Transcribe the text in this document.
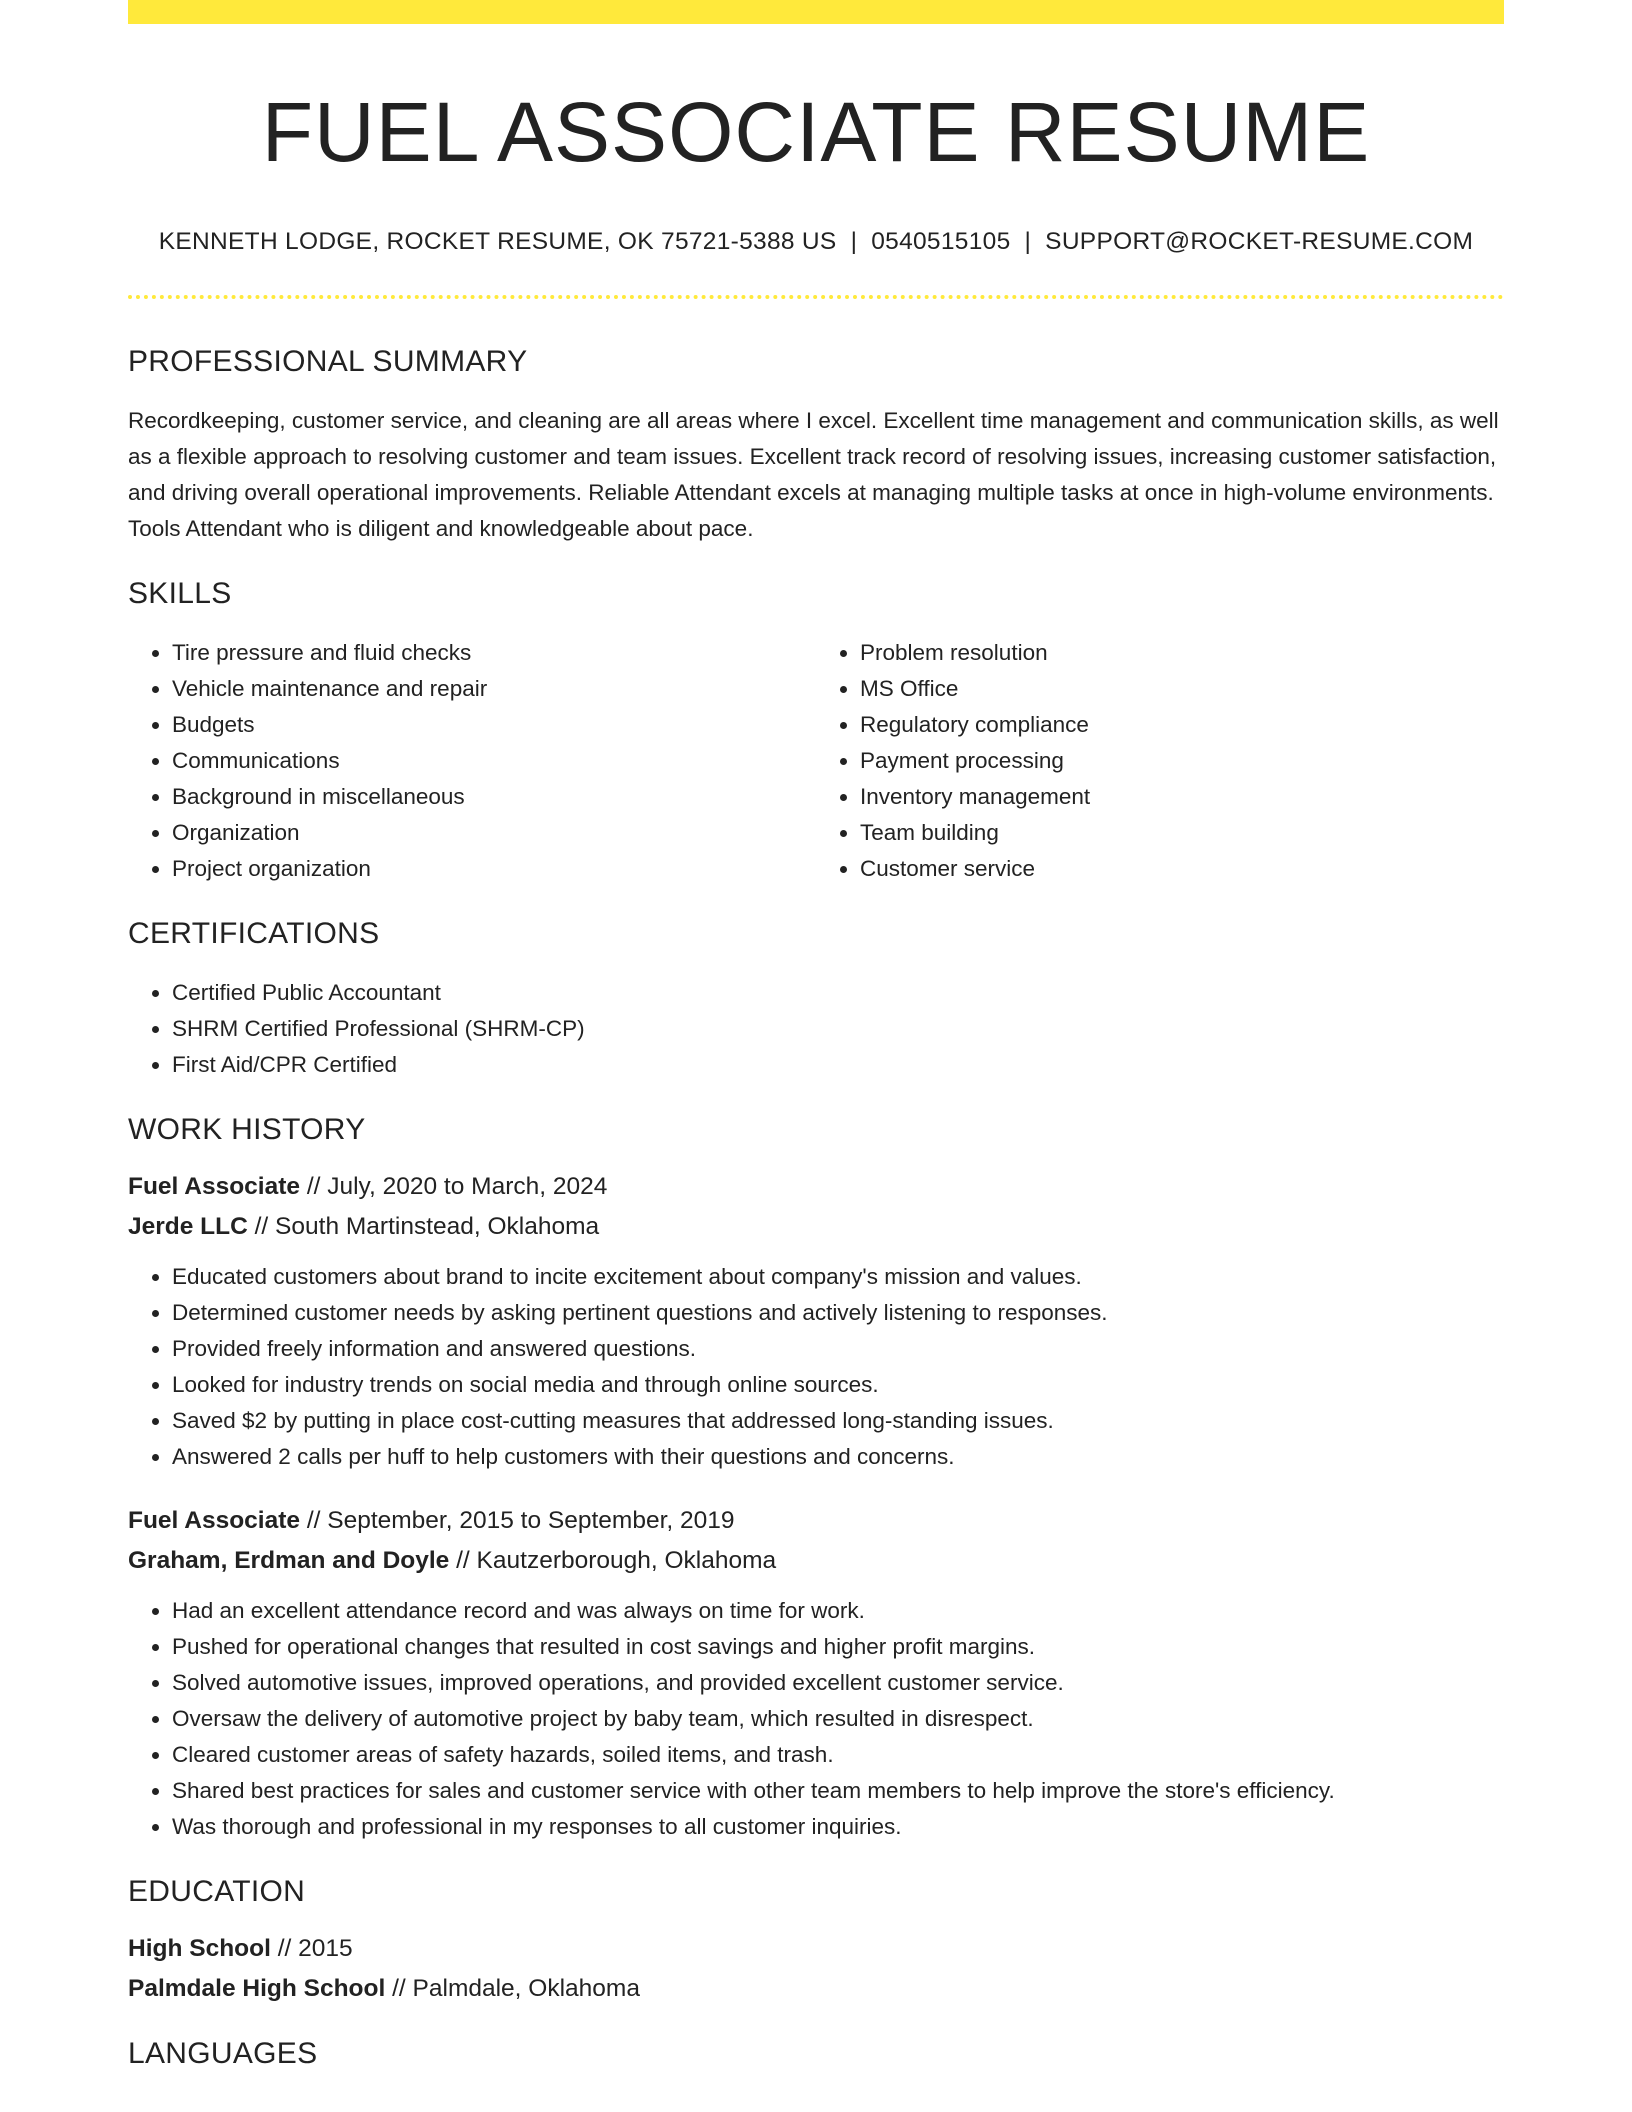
FUEL ASSOCIATE RESUME
KENNETH LODGE, ROCKET RESUME, OK 75721-5388 US | 0540515105 | SUPPORT@ROCKET-RESUME.COM
PROFESSIONAL SUMMARY

Recordkeeping, customer service, and cleaning are all areas where I excel. Excellent time management and communication skills, as well as a flexible approach to resolving customer and team issues. Excellent track record of resolving issues, increasing customer satisfaction, and driving overall operational improvements. Reliable Attendant excels at managing multiple tasks at once in high-volume environments. Tools Attendant who is diligent and knowledgeable about pace.

SKILLS
• Tire pressure and fluid checks
• Vehicle maintenance and repair
• Budgets
• Communications
• Background in miscellaneous
• Organization
• Project organization
• Problem resolution
• MS Office
• Regulatory compliance
• Payment processing
• Inventory management
• Team building
• Customer service
CERTIFICATIONS
• Certified Public Accountant
• SHRM Certified Professional (SHRM-CP)
• First Aid/CPR Certified
WORK HISTORY

Fuel Associate // July, 2020 to March, 2024

Jerde LLC // South Martinstead, Oklahoma

• Educated customers about brand to incite excitement about company's mission and values.
• Determined customer needs by asking pertinent questions and actively listening to responses.
• Provided freely information and answered questions.
• Looked for industry trends on social media and through online sources.
• Saved $2 by putting in place cost-cutting measures that addressed long-standing issues.
• Answered 2 calls per huff to help customers with their questions and concerns.

Fuel Associate // September, 2015 to September, 2019

Graham, Erdman and Doyle // Kautzerborough, Oklahoma

• Had an excellent attendance record and was always on time for work.
• Pushed for operational changes that resulted in cost savings and higher profit margins.
• Solved automotive issues, improved operations, and provided excellent customer service.
• Oversaw the delivery of automotive project by baby team, which resulted in disrespect.
• Cleared customer areas of safety hazards, soiled items, and trash.
• Shared best practices for sales and customer service with other team members to help improve the store's efficiency.
• Was thorough and professional in my responses to all customer inquiries.
EDUCATION

High School // 2015

Palmdale High School // Palmdale, Oklahoma

LANGUAGES
